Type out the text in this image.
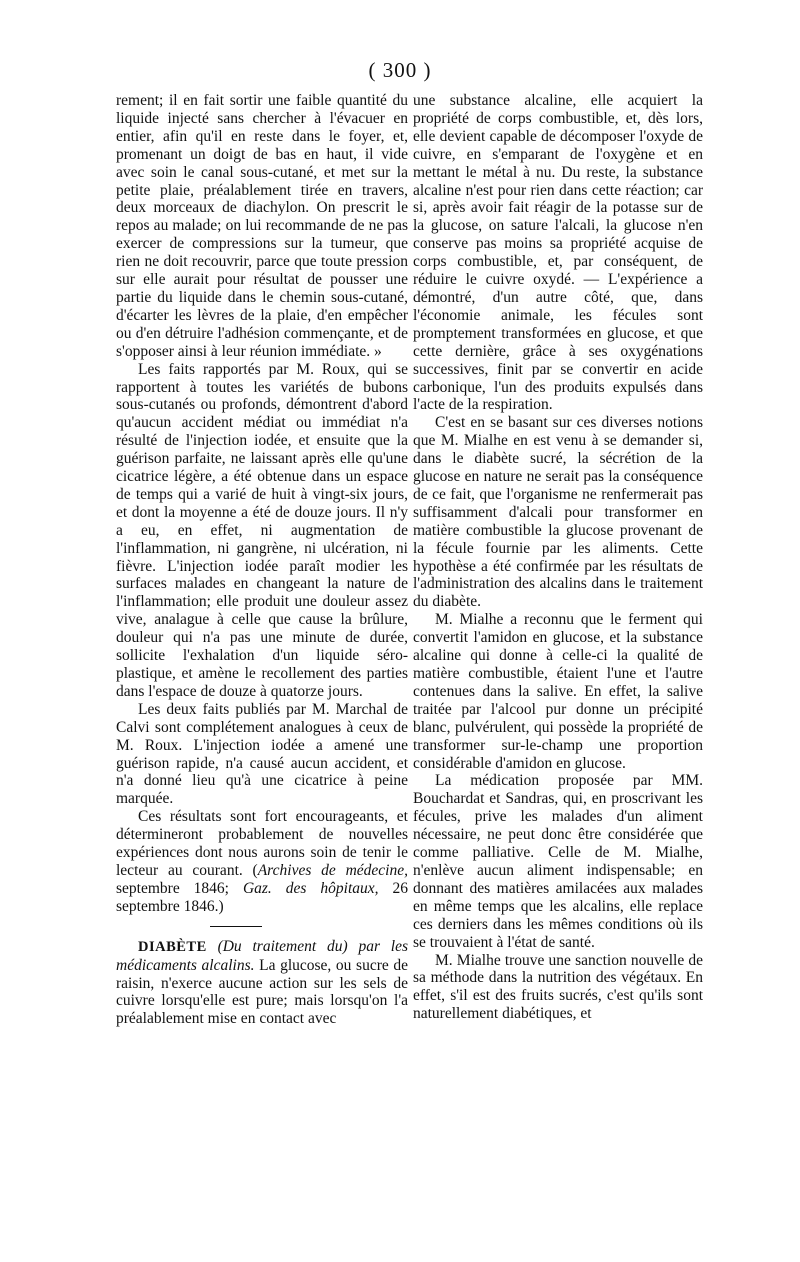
( 300 )

rement; il en fait sortir une faible quantité du liquide injecté sans chercher à l'évacuer en entier, afin qu'il en reste dans le foyer, et, promenant un doigt de bas en haut, il vide avec soin le canal sous-cutané, et met sur la petite plaie, préalablement tirée en travers, deux morceaux de diachylon. On prescrit le repos au malade; on lui recommande de ne pas exercer de compressions sur la tumeur, que rien ne doit recouvrir, parce que toute pression sur elle aurait pour résultat de pousser une partie du liquide dans le chemin sous-cutané, d'écarter les lèvres de la plaie, d'en empêcher ou d'en détruire l'adhésion commençante, et de s'opposer ainsi à leur réunion immédiate. »

Les faits rapportés par M. Roux, qui se rapportent à toutes les variétés de bubons sous-cutanés ou profonds, démontrent d'abord qu'aucun accident médiat ou immédiat n'a résulté de l'injection iodée, et ensuite que la guérison parfaite, ne laissant après elle qu'une cicatrice légère, a été obtenue dans un espace de temps qui a varié de huit à vingt-six jours, et dont la moyenne a été de douze jours. Il n'y a eu, en effet, ni augmentation de l'inflammation, ni gangrène, ni ulcération, ni fièvre. L'injection iodée paraît modier les surfaces malades en changeant la nature de l'inflammation; elle produit une douleur assez vive, analague à celle que cause la brûlure, douleur qui n'a pas une minute de durée, sollicite l'exhalation d'un liquide séro-plastique, et amène le recollement des parties dans l'espace de douze à quatorze jours.

Les deux faits publiés par M. Marchal de Calvi sont complétement analogues à ceux de M. Roux. L'injection iodée a amené une guérison rapide, n'a causé aucun accident, et n'a donné lieu qu'à une cicatrice à peine marquée.

Ces résultats sont fort encourageants, et détermineront probablement de nouvelles expériences dont nous aurons soin de tenir le lecteur au courant. (Archives de médecine, septembre 1846; Gaz. des hôpitaux, 26 septembre 1846.)

DIABÈTE (Du traitement du) par les médicaments alcalins. La glucose, ou sucre de raisin, n'exerce aucune action sur les sels de cuivre lorsqu'elle est pure; mais lorsqu'on l'a préalablement mise en contact avec

une substance alcaline, elle acquiert la propriété de corps combustible, et, dès lors, elle devient capable de décomposer l'oxyde de cuivre, en s'emparant de l'oxygène et en mettant le métal à nu. Du reste, la substance alcaline n'est pour rien dans cette réaction; car si, après avoir fait réagir de la potasse sur de la glucose, on sature l'alcali, la glucose n'en conserve pas moins sa propriété acquise de corps combustible, et, par conséquent, de réduire le cuivre oxydé. — L'expérience a démontré, d'un autre côté, que, dans l'économie animale, les fécules sont promptement transformées en glucose, et que cette dernière, grâce à ses oxygénations successives, finit par se convertir en acide carbonique, l'un des produits expulsés dans l'acte de la respiration.

C'est en se basant sur ces diverses notions que M. Mialhe en est venu à se demander si, dans le diabète sucré, la sécrétion de la glucose en nature ne serait pas la conséquence de ce fait, que l'organisme ne renfermerait pas suffisamment d'alcali pour transformer en matière combustible la glucose provenant de la fécule fournie par les aliments. Cette hypothèse a été confirmée par les résultats de l'administration des alcalins dans le traitement du diabète.

M. Mialhe a reconnu que le ferment qui convertit l'amidon en glucose, et la substance alcaline qui donne à celle-ci la qualité de matière combustible, étaient l'une et l'autre contenues dans la salive. En effet, la salive traitée par l'alcool pur donne un précipité blanc, pulvérulent, qui possède la propriété de transformer sur-le-champ une proportion considérable d'amidon en glucose.

La médication proposée par MM. Bouchardat et Sandras, qui, en proscrivant les fécules, prive les malades d'un aliment nécessaire, ne peut donc être considérée que comme palliative. Celle de M. Mialhe, n'enlève aucun aliment indispensable; en donnant des matières amilacées aux malades en même temps que les alcalins, elle replace ces derniers dans les mêmes conditions où ils se trouvaient à l'état de santé.

M. Mialhe trouve une sanction nouvelle de sa méthode dans la nutrition des végétaux. En effet, s'il est des fruits sucrés, c'est qu'ils sont naturellement diabétiques, et
